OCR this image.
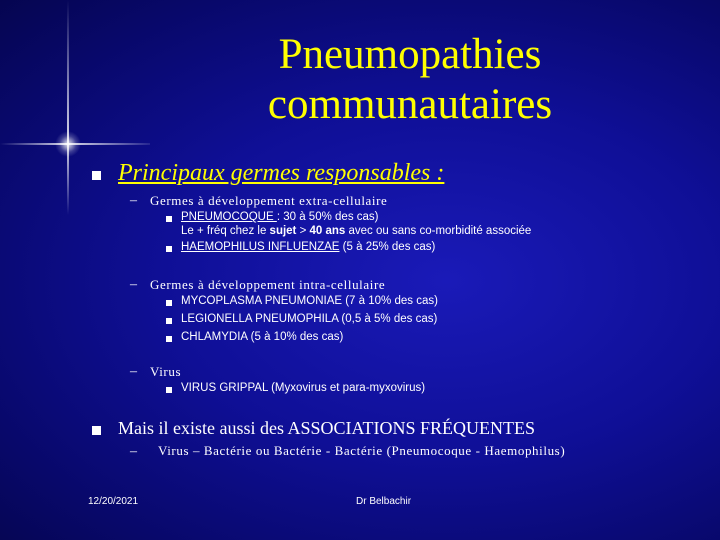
Pneumopathies
communautaires
Principaux germes responsables :
– Germes à développement extra-cellulaire
PNEUMOCOQUE : 30 à 50% des cas)
Le + fréq chez le sujet > 40 ans avec ou sans co-morbidité associée
HAEMOPHILUS INFLUENZAE (5 à 25% des cas)
– Germes à développement intra-cellulaire
MYCOPLASMA PNEUMONIAE (7 à 10% des cas)
LEGIONELLA PNEUMOPHILA (0,5 à 5% des cas)
CHLAMYDIA (5 à 10% des cas)
– Virus
VIRUS GRIPPAL (Myxovirus et para-myxovirus)
Mais il existe aussi des ASSOCIATIONS FRÉQUENTES
– Virus – Bactérie ou Bactérie - Bactérie (Pneumocoque - Haemophilus)
12/20/2021	Dr Belbachir
